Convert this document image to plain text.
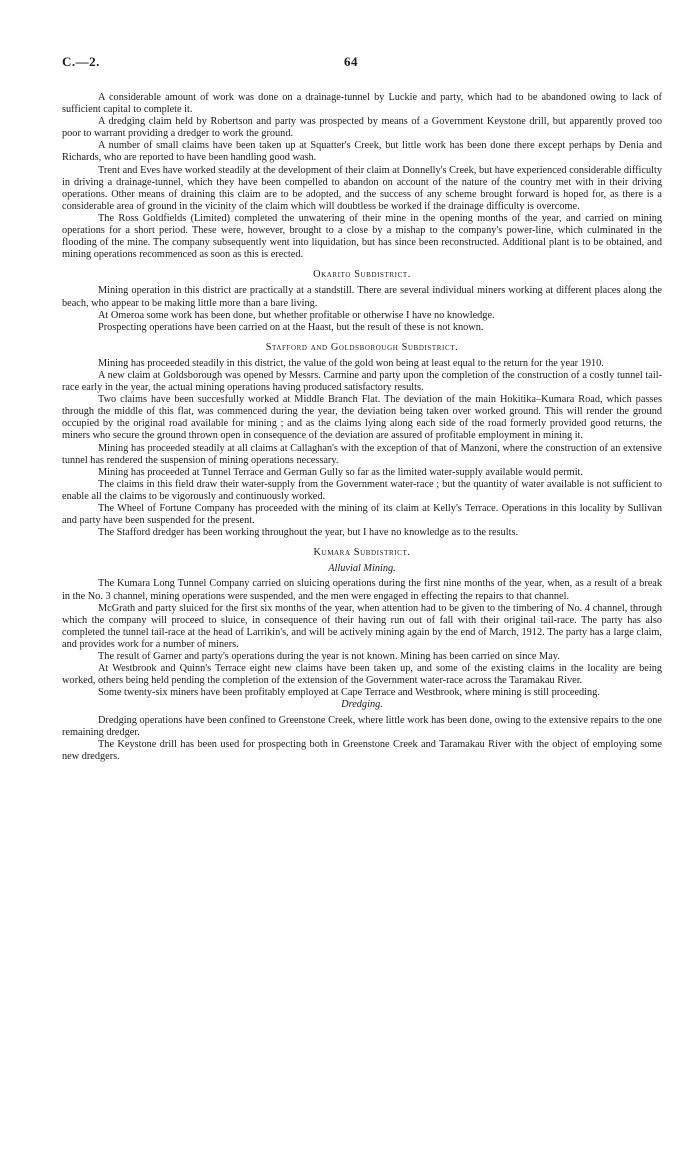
C.—2.	64

A considerable amount of work was done on a drainage-tunnel by Luckie and party, which had to be abandoned owing to lack of sufficient capital to complete it.

A dredging claim held by Robertson and party was prospected by means of a Government Keystone drill, but apparently proved too poor to warrant providing a dredger to work the ground.

A number of small claims have been taken up at Squatter's Creek, but little work has been done there except perhaps by Denia and Richards, who are reported to have been handling good wash.

Trent and Eves have worked steadily at the development of their claim at Donnelly's Creek, but have experienced considerable difficulty in driving a drainage-tunnel, which they have been compelled to abandon on account of the nature of the country met with in their driving operations. Other means of draining this claim are to be adopted, and the success of any scheme brought forward is hoped for, as there is a considerable area of ground in the vicinity of the claim which will doubtless be worked if the drainage difficulty is overcome.

The Ross Goldfields (Limited) completed the unwatering of their mine in the opening months of the year, and carried on mining operations for a short period. These were, however, brought to a close by a mishap to the company's power-line, which culminated in the flooding of the mine. The company subsequently went into liquidation, but has since been reconstructed. Additional plant is to be obtained, and mining operations recommenced as soon as this is erected.

Okarito Subdistrict.

Mining operation in this district are practically at a standstill. There are several individual miners working at different places along the beach, who appear to be making little more than a bare living.

At Omeroa some work has been done, but whether profitable or otherwise I have no knowledge.

Prospecting operations have been carried on at the Haast, but the result of these is not known.

Stafford and Goldsborough Subdistrict.

Mining has proceeded steadily in this district, the value of the gold won being at least equal to the return for the year 1910.

A new claim at Goldsborough was opened by Messrs. Carmine and party upon the completion of the construction of a costly tunnel tail-race early in the year, the actual mining operations having produced satisfactory results.

Two claims have been succesfully worked at Middle Branch Flat. The deviation of the main Hokitika–Kumara Road, which passes through the middle of this flat, was commenced during the year, the deviation being taken over worked ground. This will render the ground occupied by the original road available for mining ; and as the claims lying along each side of the road formerly provided good returns, the miners who secure the ground thrown open in consequence of the deviation are assured of profitable employment in mining it.

Mining has proceeded steadily at all claims at Callaghan's with the exception of that of Manzoni, where the construction of an extensive tunnel has rendered the suspension of mining operations necessary.

Mining has proceeded at Tunnel Terrace and German Gully so far as the limited water-supply available would permit.

The claims in this field draw their water-supply from the Government water-race ; but the quantity of water available is not sufficient to enable all the claims to be vigorously and continuously worked.

The Wheel of Fortune Company has proceeded with the mining of its claim at Kelly's Terrace. Operations in this locality by Sullivan and party have been suspended for the present.

The Stafford dredger has been working throughout the year, but I have no knowledge as to the results.

Kumara Subdistrict.
Alluvial Mining.

The Kumara Long Tunnel Company carried on sluicing operations during the first nine months of the year, when, as a result of a break in the No. 3 channel, mining operations were suspended, and the men were engaged in effecting the repairs to that channel.

McGrath and party sluiced for the first six months of the year, when attention had to be given to the timbering of No. 4 channel, through which the company will proceed to sluice, in consequence of their having run out of fall with their original tail-race. The party has also completed the tunnel tail-race at the head of Larrikin's, and will be actively mining again by the end of March, 1912. The party has a large claim, and provides work for a number of miners.

The result of Garner and party's operations during the year is not known. Mining has been carried on since May.

At Westbrook and Quinn's Terrace eight new claims have been taken up, and some of the existing claims in the locality are being worked, others being held pending the completion of the extension of the Government water-race across the Taramakau River.

Some twenty-six miners have been profitably employed at Cape Terrace and Westbrook, where mining is still proceeding.

Dredging.

Dredging operations have been confined to Greenstone Creek, where little work has been done, owing to the extensive repairs to the one remaining dredger.

The Keystone drill has been used for prospecting both in Greenstone Creek and Taramakau River with the object of employing some new dredgers.
